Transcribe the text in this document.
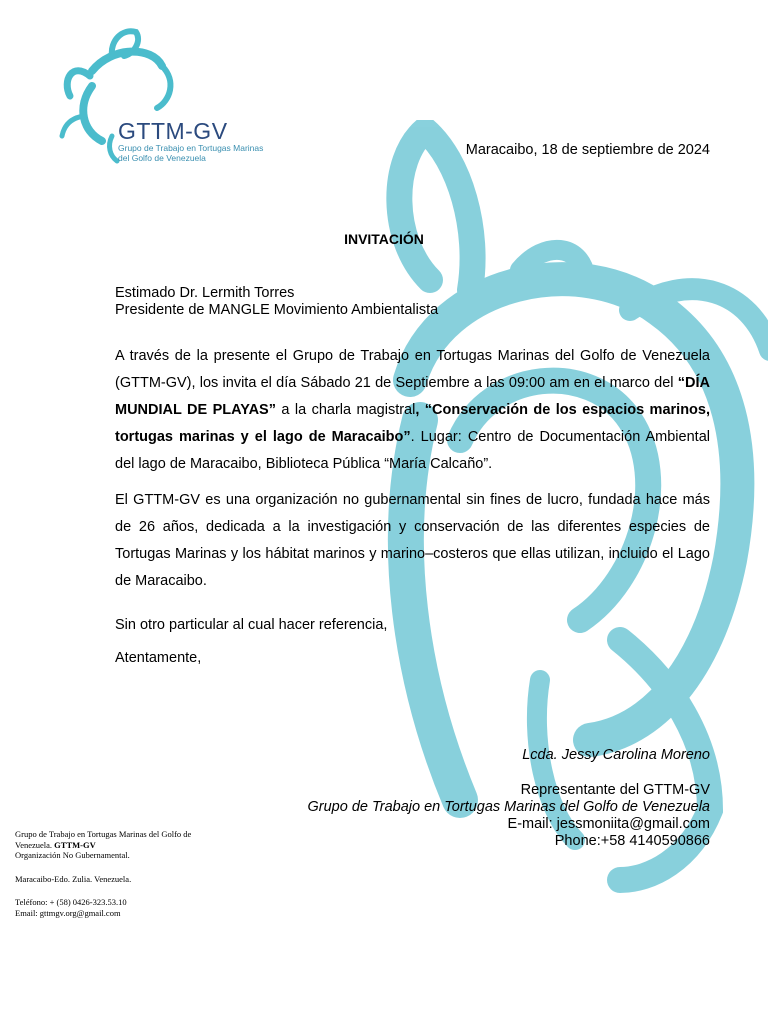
GTTM-GV
Grupo de Trabajo en Tortugas Marinas
del Golfo de Venezuela	Maracaibo, 18 de septiembre de 2024
INVITACIÓN
Estimado Dr. Lermith Torres
Presidente de MANGLE Movimiento Ambientalista
A través de la presente el Grupo de Trabajo en Tortugas Marinas del Golfo de Venezuela (GTTM-GV), los invita el día Sábado 21 de Septiembre a las 09:00 am en el marco del “DÍA MUNDIAL DE PLAYAS” a la charla magistral, “Conservación de los espacios marinos, tortugas marinas y el lago de Maracaibo”. Lugar: Centro de Documentación Ambiental del lago de Maracaibo, Biblioteca Pública “María Calcaño”.
El GTTM-GV es una organización no gubernamental sin fines de lucro, fundada hace más de 26 años, dedicada a la investigación y conservación de las diferentes especies de Tortugas Marinas y los hábitat marinos y marino–costeros que ellas utilizan, incluido el Lago de Maracaibo.
Sin otro particular al cual hacer referencia,
Atentamente,
Lcda. Jessy Carolina Moreno
Representante del GTTM-GV
Grupo de Trabajo en Tortugas Marinas del Golfo de Venezuela
E-mail: jessmoniita@gmail.com
Phone:+58 4140590866
Grupo de Trabajo en Tortugas Marinas del Golfo de Venezuela. GTTM-GV
Organización No Gubernamental.
Maracaibo-Edo. Zulia. Venezuela.
Teléfono: + (58) 0426-323.53.10
Email: gttmgv.org@gmail.com
